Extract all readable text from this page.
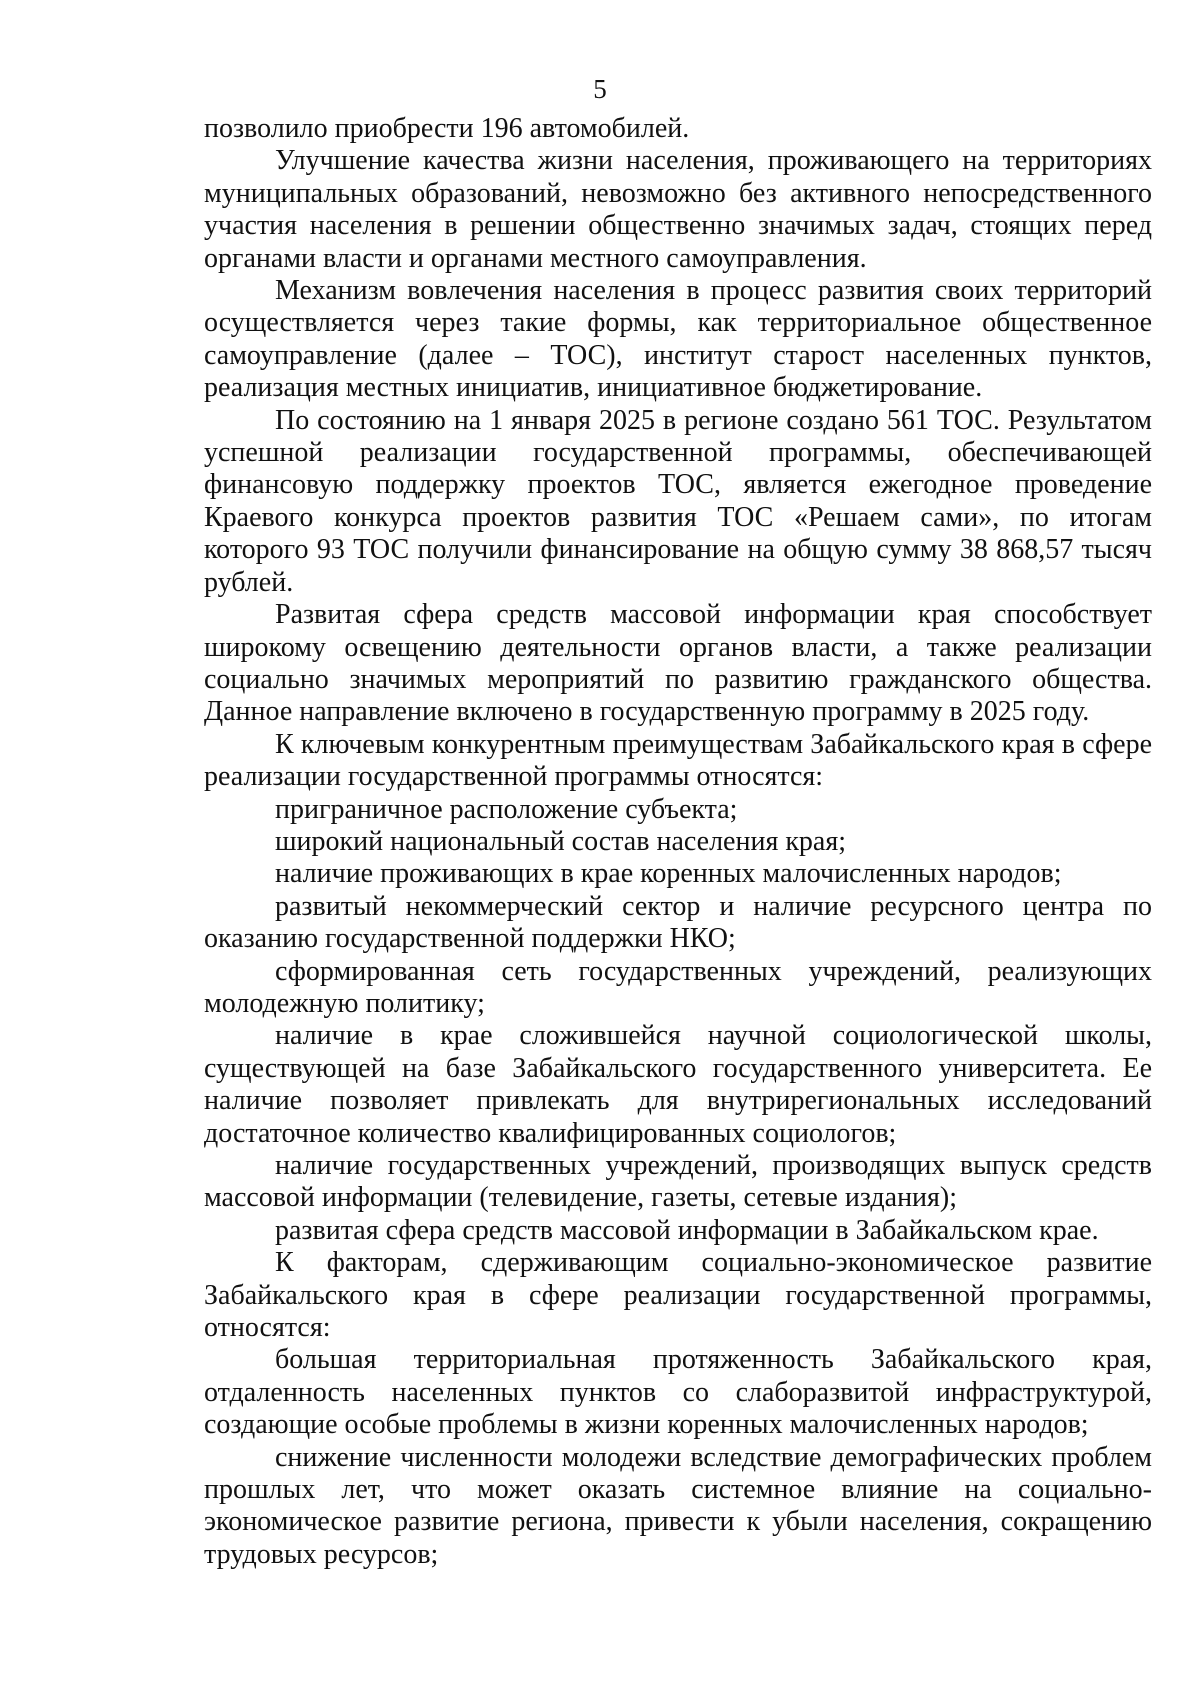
5

позволило приобрести 196 автомобилей.

Улучшение качества жизни населения, проживающего на территориях муниципальных образований, невозможно без активного непосредственного участия населения в решении общественно значимых задач, стоящих перед органами власти и органами местного самоуправления.

Механизм вовлечения населения в процесс развития своих территорий осуществляется через такие формы, как территориальное общественное самоуправление (далее – ТОС), институт старост населенных пунктов, реализация местных инициатив, инициативное бюджетирование.

По состоянию на 1 января 2025 в регионе создано 561 ТОС. Результатом успешной реализации государственной программы, обеспечивающей финансовую поддержку проектов ТОС, является ежегодное проведение Краевого конкурса проектов развития ТОС «Решаем сами», по итогам которого 93 ТОС получили финансирование на общую сумму 38 868,57 тысяч рублей.

Развитая сфера средств массовой информации края способствует широкому освещению деятельности органов власти, а также реализации социально значимых мероприятий по развитию гражданского общества. Данное направление включено в государственную программу в 2025 году.

К ключевым конкурентным преимуществам Забайкальского края в сфере реализации государственной программы относятся:

приграничное расположение субъекта;

широкий национальный состав населения края;

наличие проживающих в крае коренных малочисленных народов;

развитый некоммерческий сектор и наличие ресурсного центра по оказанию государственной поддержки НКО;

сформированная сеть государственных учреждений, реализующих молодежную политику;

наличие в крае сложившейся научной социологической школы, существующей на базе Забайкальского государственного университета. Ее наличие позволяет привлекать для внутрирегиональных исследований достаточное количество квалифицированных социологов;

наличие государственных учреждений, производящих выпуск средств массовой информации (телевидение, газеты, сетевые издания);

развитая сфера средств массовой информации в Забайкальском крае.

К факторам, сдерживающим социально-экономическое развитие Забайкальского края в сфере реализации государственной программы, относятся:

большая территориальная протяженность Забайкальского края, отдаленность населенных пунктов со слаборазвитой инфраструктурой, создающие особые проблемы в жизни коренных малочисленных народов;

снижение численности молодежи вследствие демографических проблем прошлых лет, что может оказать системное влияние на социально-экономическое развитие региона, привести к убыли населения, сокращению трудовых ресурсов;
